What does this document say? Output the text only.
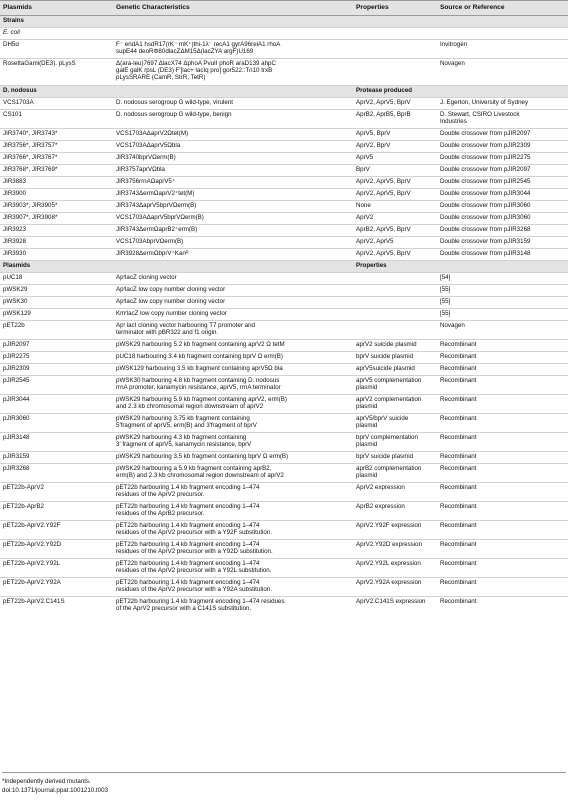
Plasmids	Genetic Characteristics	Properties	Source or Reference
Strains			
E. coli			
DH5α	F⁻ endA1 hsdR17(rK⁻ mK⁺)thi-1λ⁻ recA1 gyrA96relA1 rhoA
supE44 deoRΦ80dlacZΔM15Δ(lacZYA argF)U169		Invitrogen
RosettaGami(DE3). pLysS	Δ(ara-leu)7697 ΔlacX74 ΔphoA PvuII phoR araD139 ahpC
galE galK rpsL (DE3) F′[lac+ lacIq pro] gor522::Tn10 trxB
pLysSRARE (CamR, StrR, TetR)		Novagen
D. nodosus		Protease produced	
VCS1703A	D. nodosus serogroup G wild-type, virulent	AprV2, AprV5, BprV	J. Egerton, University of Sydney
CS101	D. nodosus serogroup G wild-type, benign	AprB2, AprB5, BprB	D. Stewart, CSIRO Livestock
Industries
JIR3740*, JIR3743*	VCS1703AΔaprV2Ωtet(M)	AprV5, BprV	Double crossover from pJIR2097
JIR3756*, JIR3757*	VCS1703AΔaprV5Ωbla	AprV2, BprV	Double crossover from pJIR2309
JIR3766*, JIR3767*	JIR3740bprVΩerm(B)	AprV5	Double crossover from pJIR2275
JIR3768*, JIR3769*	JIR3757aprVΩbla	BprV	Double crossover from pJIR2097
JIR3883	JIR3756rrnAΩaprV5⁺	AprV2, AprV5, BprV	Double crossover from pJIR2545
JIR3900	JIR3743ΔermΩaprV2⁺tet(M)	AprV2, AprV5, BprV	Double crossover from pJIR3044
JIR3903*, JIR3905*	JIR3743ΔaprV5bprVΩerm(B)	None	Double crossover from pJIR3060
JIR3907*, JIR3908*	VCS1703AΔaprV5bprVΩerm(B)	AprV2	Double crossover from pJIR3060
JIR3923	JIR3743ΔermΩaprB2⁺erm(B)	AprB2, AprV5, BprV	Double crossover from pJIR3268
JIR3928	VCS1703AbprVΩerm(B)	AprV2, AprV5	Double crossover from pJIR3159
JIR3930	JIR3928ΔermΩbprV⁺Kanᴿ	AprV2, AprV5, BprV	Double crossover from pJIR3148
Plasmids		Properties	
pUC18	ApʳlacZ cloning vector		[54]
pWSK29	ApʳlacZ low copy number cloning vector		[55]
pWSK30	ApʳlacZ low copy number cloning vector		[55]
pWSK129	KmʳlacZ low copy number cloning vector		[55]
pET22b	Apʳ lacI cloning vector harbouring T7 promoter and
terminator with pBR322 and f1 origin.		Novagen
pJIR2097	pWSK29 harbouring 5.2 kb fragment containing aprV2 Ω tetM	aprV2 suicide plasmid	Recombinant
pJIR2275	pUC18 harbouring 3.4 kb fragment containing bprV Ω erm(B)	bprV suicide plasmid	Recombinant
pJIR2309	pWSK129 harbouring 3.5 kb fragment containing aprV5Ω bla	aprV5suicide plasmid	Recombinant
pJIR2545	pWSK30 harbouring 4.8 kb fragment containing D. nodosus
rrnA promoter, kanamycin resistance, aprV5, rrnA terminator	aprV5 complementation
plasmid	Recombinant
pJIR3044	pWSK29 harbouring 5.9 kb fragment containing aprV2, erm(B)
and 2.3 kb chromosomal region downstream of aprV2	aprV2 complementation
plasmid	Recombinant
pJIR3060	pWSK29 harbouring 3.75 kb fragment containing
5′fragment of aprV5, erm(B) and 3′fragment of bprV	aprV5/bprV suicide
plasmid	Recombinant
pJIR3148	pWSK29 harbouring 4.3 kb fragment containing
3′ fragment of aprV5, kanamycin resistance, bprV	bprV complementation
plasmid	Recombinant
pJIR3159	pWSK29 harbouring 3.5 kb fragment containing bprV Ω erm(B)	bprV suicide plasmid	Recombinant
pJIR3268	pWSK29 harbouring a 5.9 kb fragment containing aprB2,
erm(B) and 2.3 kb chromosomal region downstream of aprV2	aprB2 complementation
plasmid	Recombinant
pET22b-AprV2	pET22b harbouring 1.4 kb fragment encoding 1–474
residues of the AprV2 precursor.	AprV2 expression	Recombinant
pET22b-AprB2	pET22b harbouring 1.4 kb fragment encoding 1–474
residues of the AprB2 precursor.	AprB2 expression	Recombinant
pET22b-AprV2.Y92F	pET22b harbouring 1.4 kb fragment encoding 1–474
residues of the AprV2 precursor with a Y92F substitution.	AprV2.Y92F expression	Recombinant
pET22b-AprV2.Y92D	pET22b harbouring 1.4 kb fragment encoding 1–474
residues of the AprV2 precursor with a Y92D substitution.	AprV2.Y92D expression	Recombinant
pET22b-AprV2.Y92L	pET22b harbouring 1.4 kb fragment encoding 1–474
residues of the AprV2 precursor with a Y92L substitution.	AprV2.Y92L expression	Recombinant
pET22b-AprV2.Y92A	pET22b harbouring 1.4 kb fragment encoding 1–474
residues of the AprV2 precursor with a Y92A substitution.	AprV2.Y92A expression	Recombinant
pET22b-AprV2.C141S	pET22b harbouring 1.4 kb fragment encoding 1–474 residues
of the AprV2 precursor with a C141S substitution.	AprV2.C141S expression	Recombinant
*Independently derived mutants.
doi:10.1371/journal.ppat.1001210.t003
